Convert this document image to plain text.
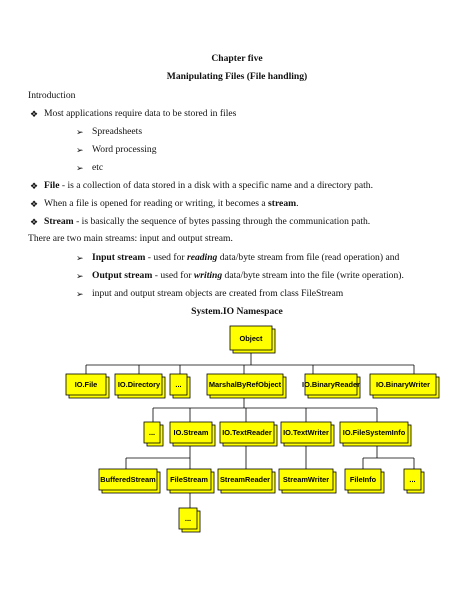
Chapter five
Manipulating Files (File handling)
Introduction
❖ Most applications require data to be stored in files
➢ Spreadsheets
➢ Word processing
➢ etc
❖ File - is a collection of data stored in a disk with a specific name and a directory path.
❖ When a file is opened for reading or writing, it becomes a stream.
❖ Stream - is basically the sequence of bytes passing through the communication path.
There are two main streams: input and output stream.
➢ Input stream - used for reading data/byte stream from file (read operation) and
➢ Output stream - used for writing data/byte stream into the file (write operation).
➢ input and output stream objects are created from class FileStream
System.IO Namespace
Object
IO.File	IO.Directory ...	MarshalByRefObject	IO.BinaryReader IO.BinaryWriter
... IO.Stream IO.TextReader IO.TextWriter IO.FileSystemInfo
BufferedStream FileStream StreamReader StreamWriter	FileInfo	...
...
